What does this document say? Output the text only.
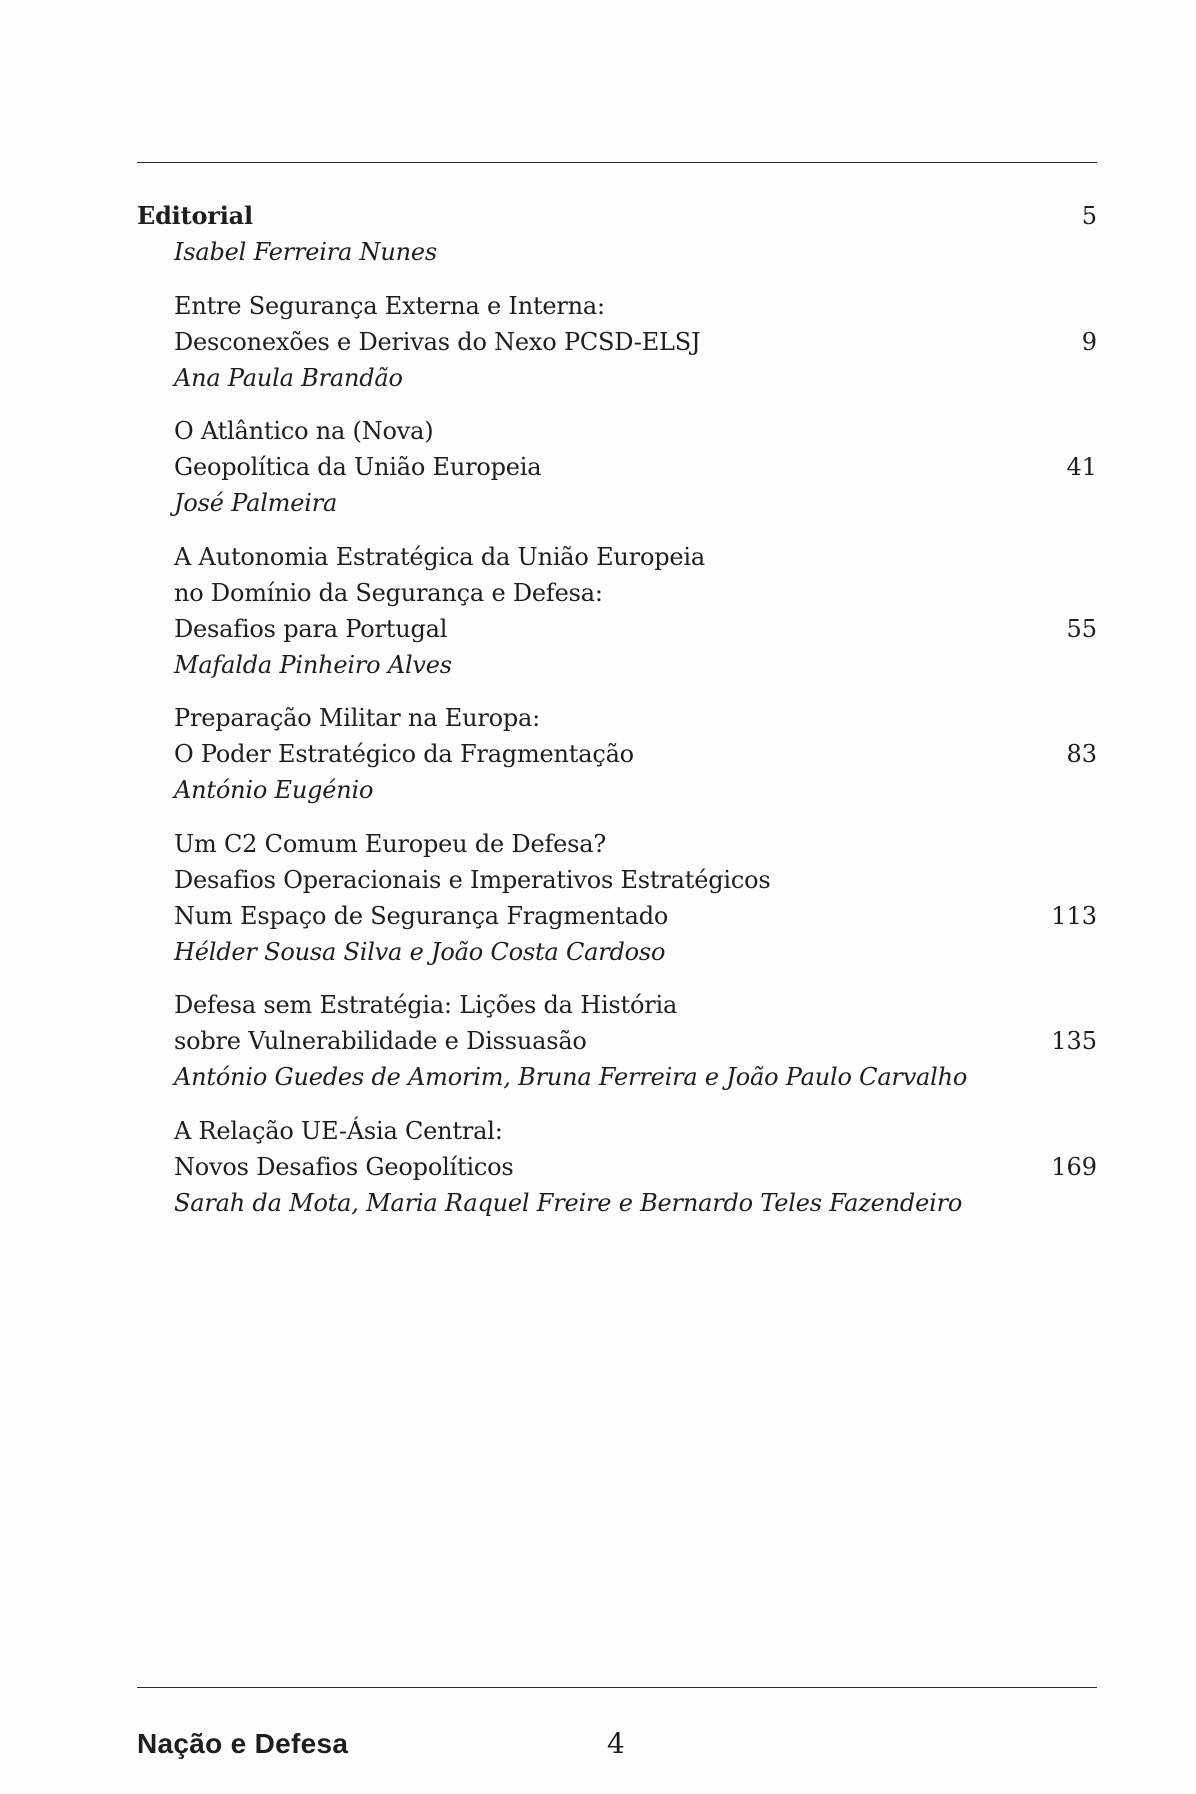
Editorial	5
Isabel Ferreira Nunes
Entre Segurança Externa e Interna:
Desconexões e Derivas do Nexo PCSD-ELSJ	9
Ana Paula Brandão
O Atlântico na (Nova)
Geopolítica da União Europeia	41
José Palmeira
A Autonomia Estratégica da União Europeia
no Domínio da Segurança e Defesa:
Desafios para Portugal	55
Mafalda Pinheiro Alves
Preparação Militar na Europa:
O Poder Estratégico da Fragmentação	83
António Eugénio
Um C2 Comum Europeu de Defesa?
Desafios Operacionais e Imperativos Estratégicos
Num Espaço de Segurança Fragmentado	113
Hélder Sousa Silva e João Costa Cardoso
Defesa sem Estratégia: Lições da História
sobre Vulnerabilidade e Dissuasão	135
António Guedes de Amorim, Bruna Ferreira e João Paulo Carvalho
A Relação UE-Ásia Central:
Novos Desafios Geopolíticos	169
Sarah da Mota, Maria Raquel Freire e Bernardo Teles Fazendeiro
Nação e Defesa	4
